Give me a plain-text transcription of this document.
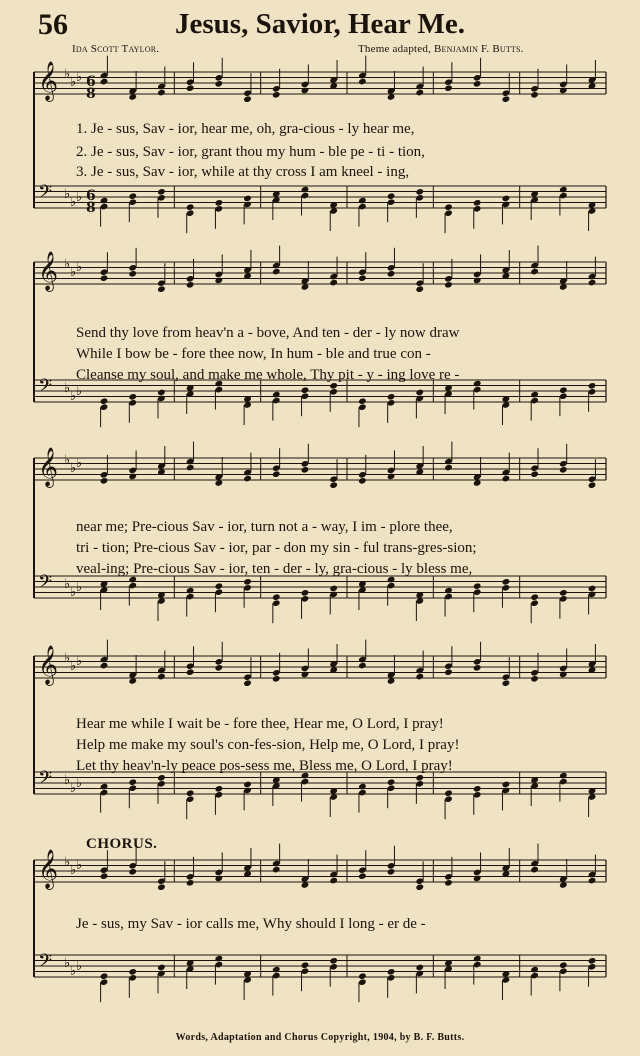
56	Jesus, Savior, Hear Me.
Ida Scott Taylor.	Theme adapted, Benjamin F. Butts.
𝄞 ♭
♭ ♭
𝄢 ♭
♭ ♭
6
8
6
8
𝄞 ♭
♭ ♭
𝄢 ♭
♭ ♭
𝄞 ♭
♭ ♭
𝄢 ♭
♭ ♭
𝄞 ♭
♭ ♭
𝄢 ♭
♭ ♭
𝄞 ♭
♭ ♭
𝄢 ♭
♭ ♭
1. Je - sus, Sav - ior, hear me, oh, gra-cious - ly hear me,
2. Je - sus, Sav - ior, grant thou my hum - ble pe - ti - tion,
3. Je - sus, Sav - ior, while at thy cross I am kneel - ing,
Send thy love from heav'n a - bove, And ten - der - ly now draw
While I bow be - fore thee now, In hum - ble and true con -
Cleanse my soul, and make me whole, Thy pit - y - ing love re -
near me; Pre-cious Sav - ior, turn not a - way, I im - plore thee,
tri - tion; Pre-cious Sav - ior, par - don my sin - ful trans-gres-sion;
veal-ing; Pre-cious Sav - ior, ten - der - ly, gra-cious - ly bless me,
Hear me while I wait be - fore thee, Hear me, O Lord, I pray!
Help me make my soul's con-fes-sion, Help me, O Lord, I pray!
Let thy heav'n-ly peace pos-sess me, Bless me, O Lord, I pray!
CHORUS.
Je - sus, my Sav - ior calls me, Why should I long - er de -
Words, Adaptation and Chorus Copyright, 1904, by B. F. Butts.
